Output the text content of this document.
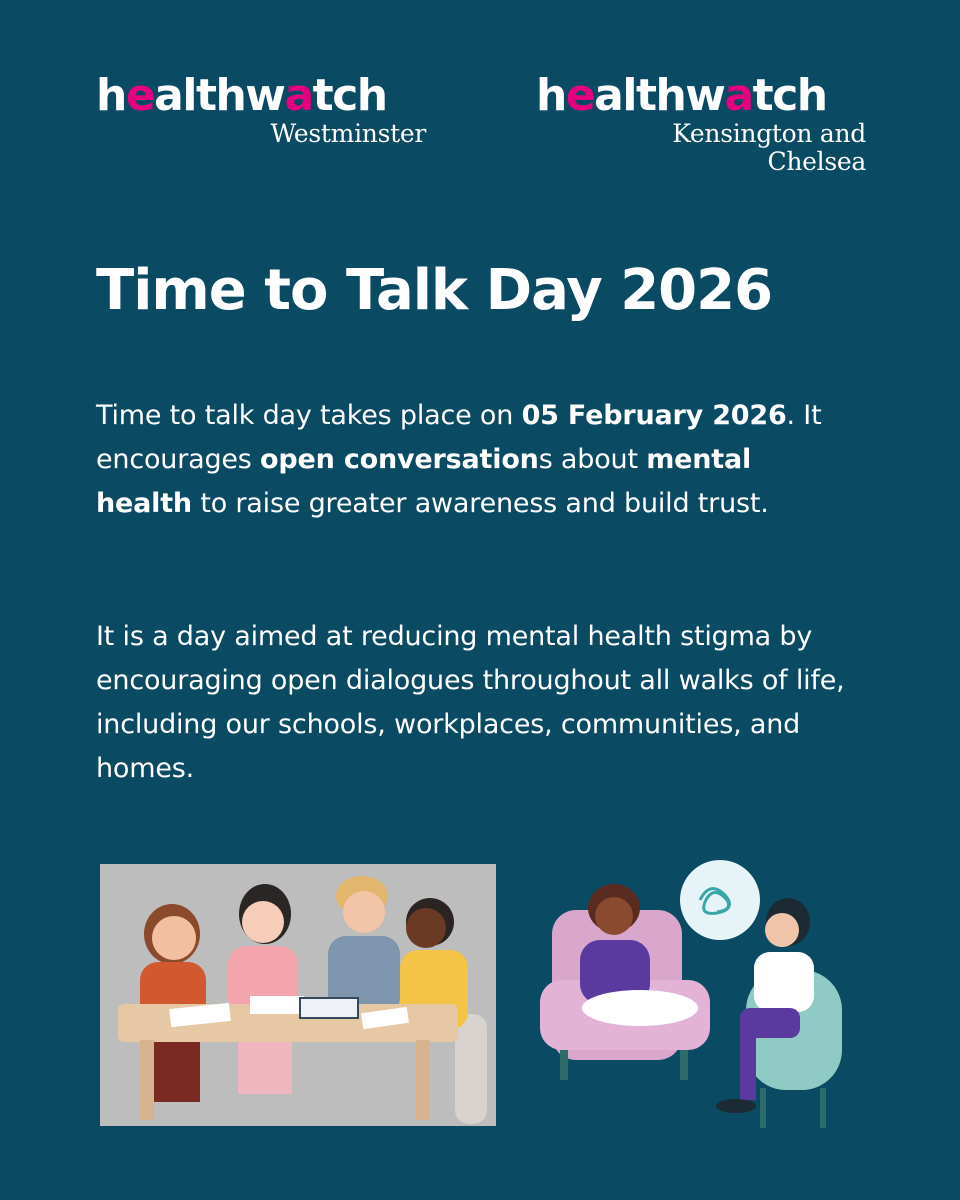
healthwatch
Westminster
healthwatch
Kensington and
Chelsea
Time to Talk Day 2026

Time to talk day takes place on 05 February 2026. It encourages open conversations about mental health to raise greater awareness and build trust.

It is a day aimed at reducing mental health stigma by encouraging open dialogues throughout all walks of life, including our schools, workplaces, communities, and homes.
